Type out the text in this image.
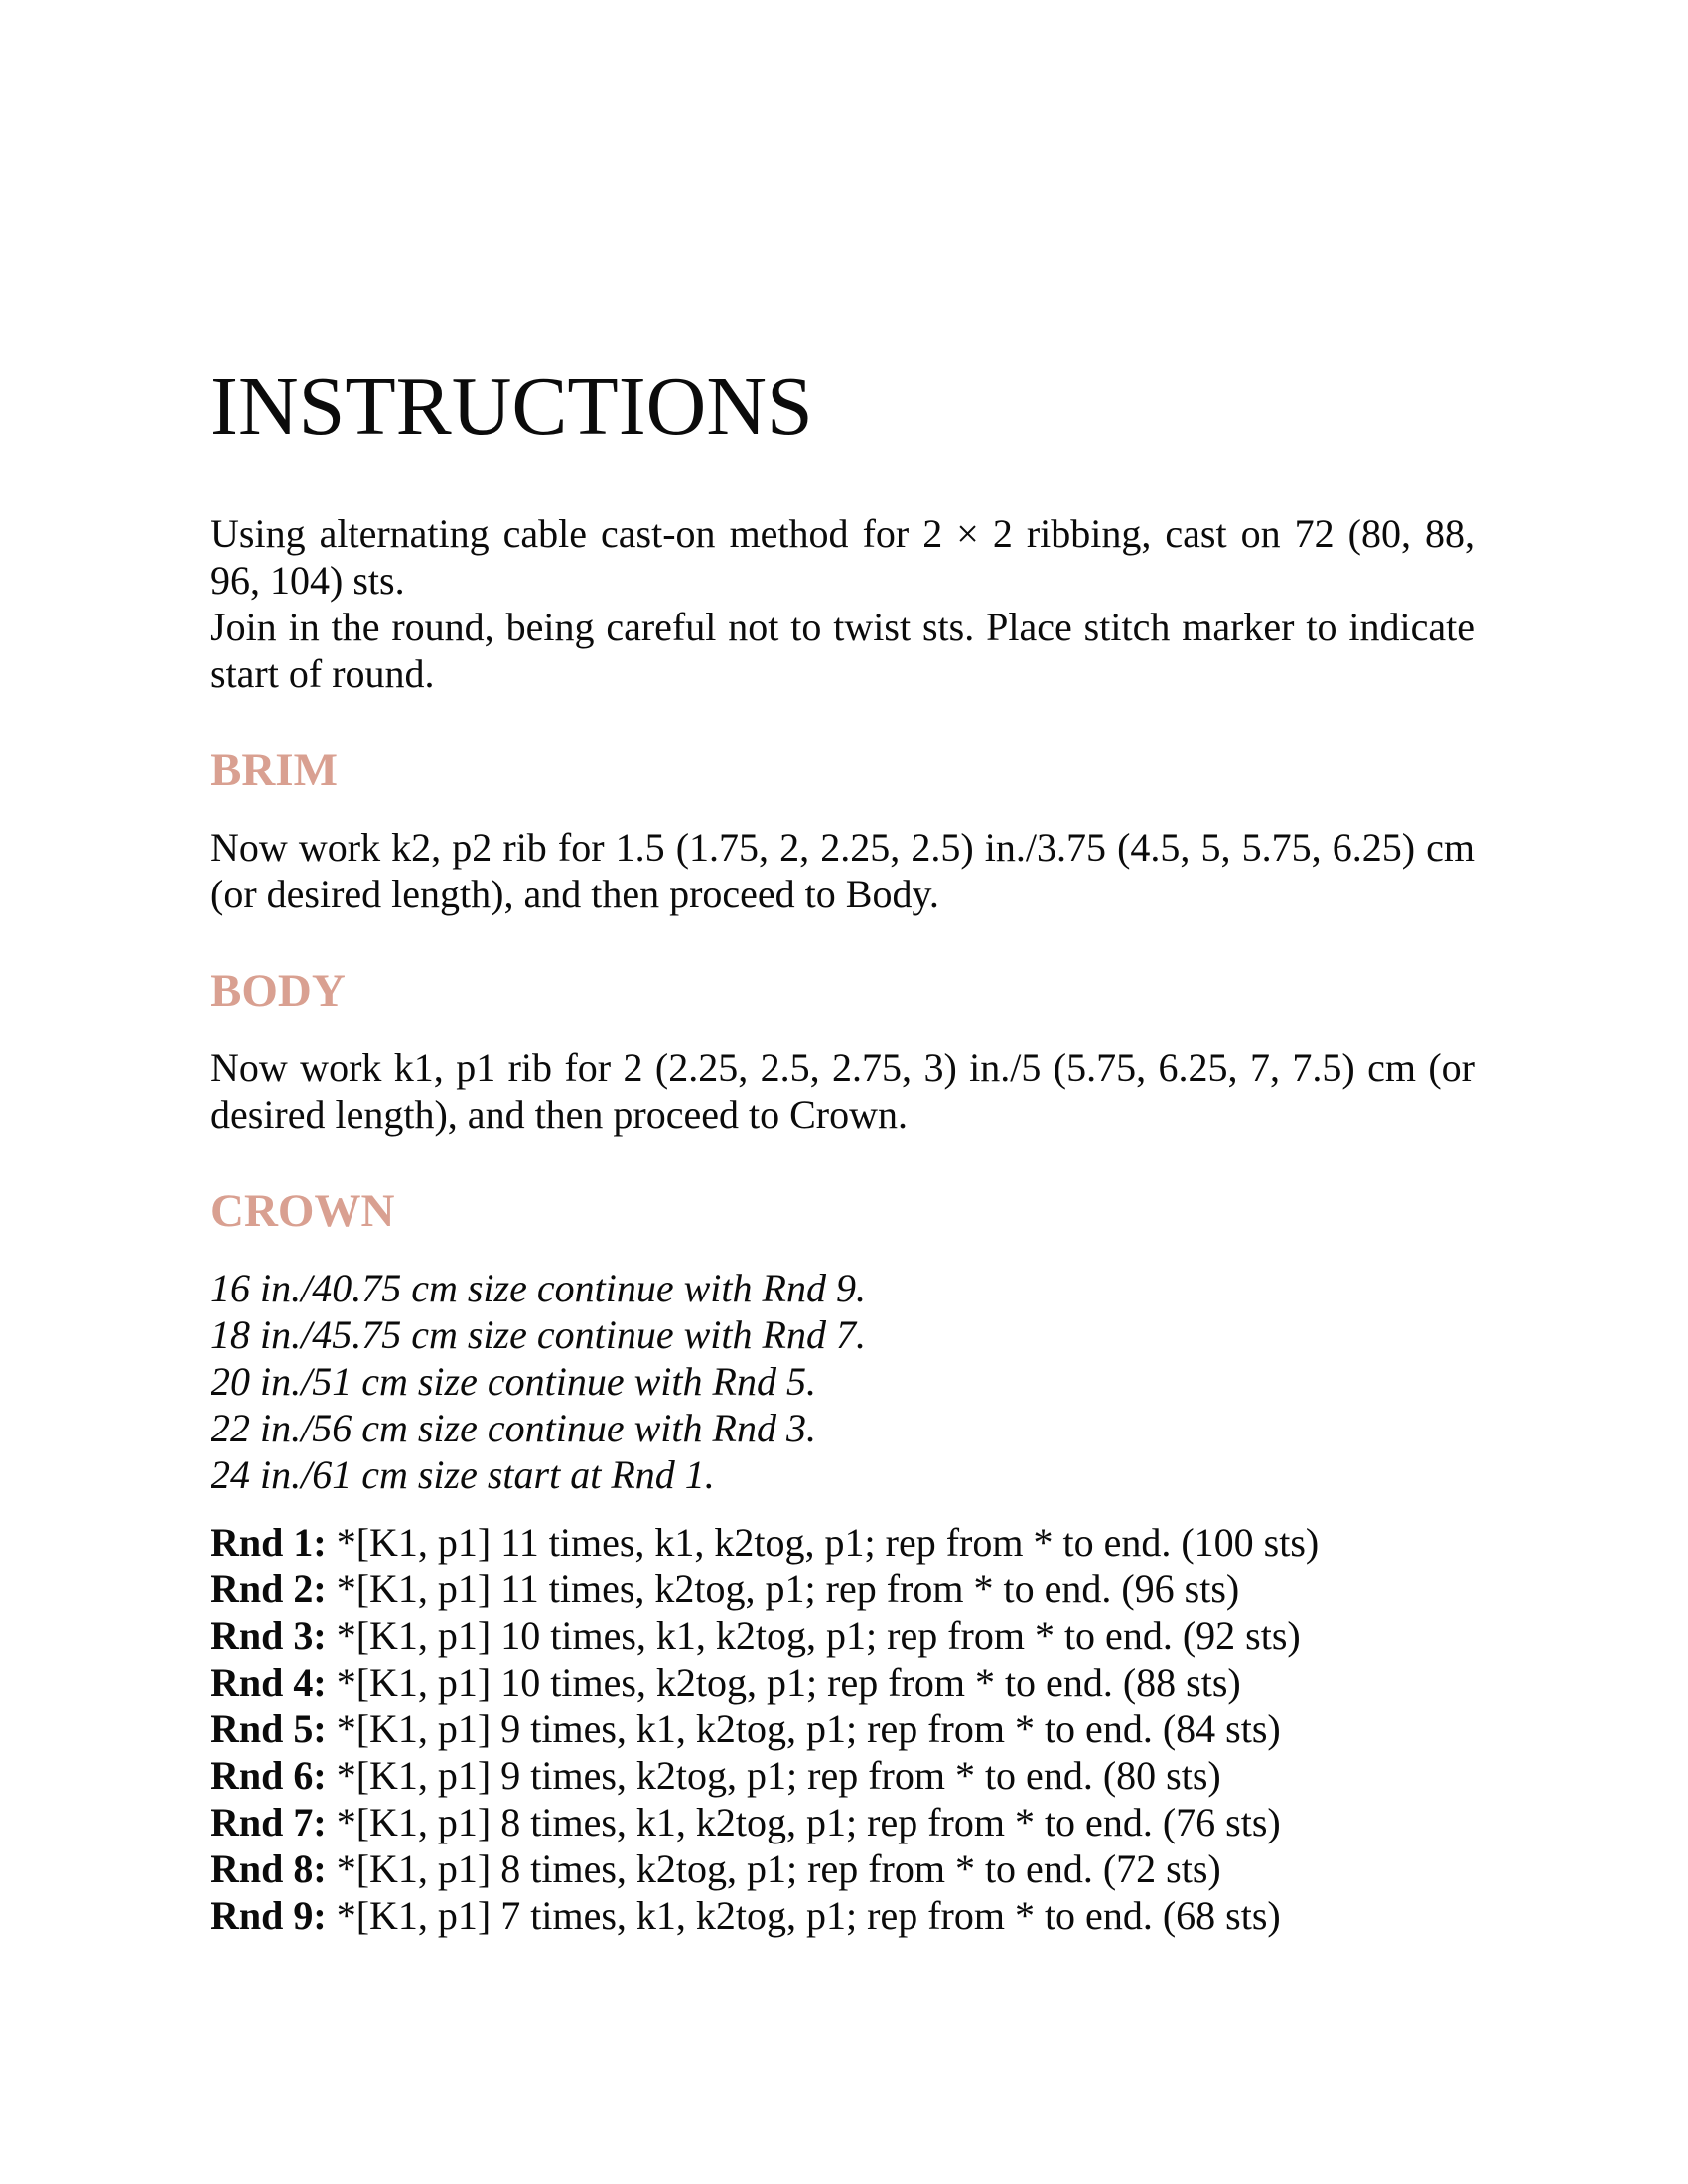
INSTRUCTIONS

Using alternating cable cast-on method for 2 × 2 ribbing, cast on 72 (80, 88, 96, 104) sts.

Join in the round, being careful not to twist sts. Place stitch marker to indicate start of round.

BRIM

Now work k2, p2 rib for 1.5 (1.75, 2, 2.25, 2.5) in./3.75 (4.5, 5, 5.75, 6.25) cm (or desired length), and then proceed to Body.

BODY

Now work k1, p1 rib for 2 (2.25, 2.5, 2.75, 3) in./5 (5.75, 6.25, 7, 7.5) cm (or desired length), and then proceed to Crown.

CROWN

16 in./40.75 cm size continue with Rnd 9.

18 in./45.75 cm size continue with Rnd 7.

20 in./51 cm size continue with Rnd 5.

22 in./56 cm size continue with Rnd 3.

24 in./61 cm size start at Rnd 1.

Rnd 1: *[K1, p1] 11 times, k1, k2tog, p1; rep from * to end. (100 sts)

Rnd 2: *[K1, p1] 11 times, k2tog, p1; rep from * to end. (96 sts)

Rnd 3: *[K1, p1] 10 times, k1, k2tog, p1; rep from * to end. (92 sts)

Rnd 4: *[K1, p1] 10 times, k2tog, p1; rep from * to end. (88 sts)

Rnd 5: *[K1, p1] 9 times, k1, k2tog, p1; rep from * to end. (84 sts)

Rnd 6: *[K1, p1] 9 times, k2tog, p1; rep from * to end. (80 sts)

Rnd 7: *[K1, p1] 8 times, k1, k2tog, p1; rep from * to end. (76 sts)

Rnd 8: *[K1, p1] 8 times, k2tog, p1; rep from * to end. (72 sts)

Rnd 9: *[K1, p1] 7 times, k1, k2tog, p1; rep from * to end. (68 sts)
